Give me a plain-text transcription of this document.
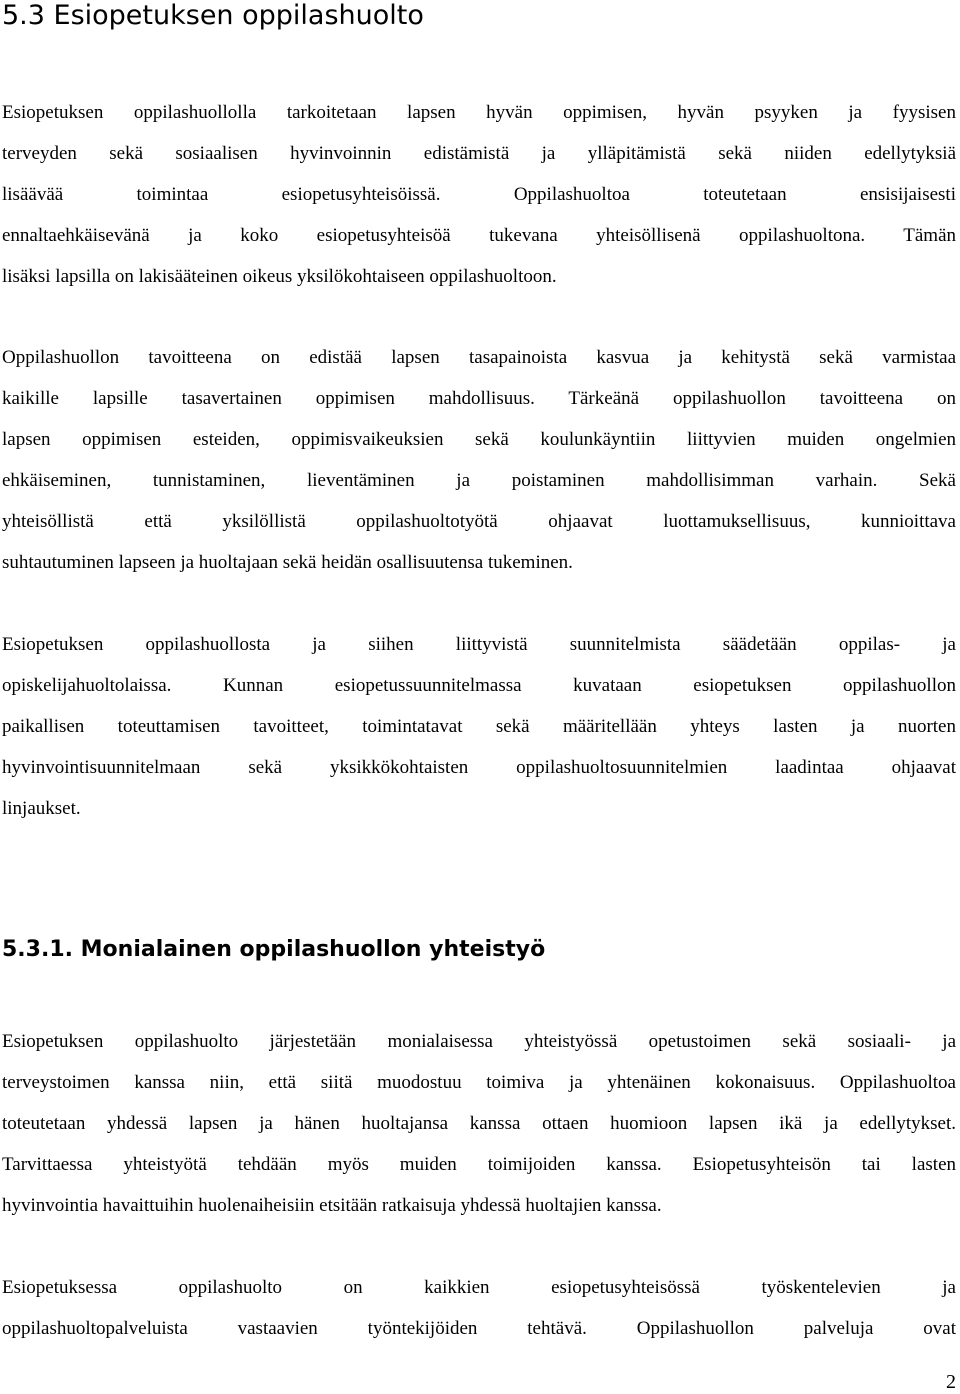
5.3 Esiopetuksen oppilashuolto
Esiopetuksen oppilashuollolla tarkoitetaan lapsen hyvän oppimisen, hyvän psyyken ja fyysisen
terveyden sekä sosiaalisen hyvinvoinnin edistämistä ja ylläpitämistä sekä niiden edellytyksiä
lisäävää toimintaa esiopetusyhteisöissä. Oppilashuoltoa toteutetaan ensisijaisesti
ennaltaehkäisevänä ja koko esiopetusyhteisöä tukevana yhteisöllisenä oppilashuoltona. Tämän
lisäksi lapsilla on lakisääteinen oikeus yksilökohtaiseen oppilashuoltoon.
Oppilashuollon tavoitteena on edistää lapsen tasapainoista kasvua ja kehitystä sekä varmistaa
kaikille lapsille tasavertainen oppimisen mahdollisuus. Tärkeänä oppilashuollon tavoitteena on
lapsen oppimisen esteiden, oppimisvaikeuksien sekä koulunkäyntiin liittyvien muiden ongelmien
ehkäiseminen, tunnistaminen, lieventäminen ja poistaminen mahdollisimman varhain. Sekä
yhteisöllistä että yksilöllistä oppilashuoltotyötä ohjaavat luottamuksellisuus, kunnioittava
suhtautuminen lapseen ja huoltajaan sekä heidän osallisuutensa tukeminen.
Esiopetuksen oppilashuollosta ja siihen liittyvistä suunnitelmista säädetään oppilas- ja
opiskelijahuoltolaissa. Kunnan esiopetussuunnitelmassa kuvataan esiopetuksen oppilashuollon
paikallisen toteuttamisen tavoitteet, toimintatavat sekä määritellään yhteys lasten ja nuorten
hyvinvointisuunnitelmaan sekä yksikkökohtaisten oppilashuoltosuunnitelmien laadintaa ohjaavat
linjaukset.
5.3.1. Monialainen oppilashuollon yhteistyö
Esiopetuksen oppilashuolto järjestetään monialaisessa yhteistyössä opetustoimen sekä sosiaali- ja
terveystoimen kanssa niin, että siitä muodostuu toimiva ja yhtenäinen kokonaisuus. Oppilashuoltoa
toteutetaan yhdessä lapsen ja hänen huoltajansa kanssa ottaen huomioon lapsen ikä ja edellytykset.
Tarvittaessa yhteistyötä tehdään myös muiden toimijoiden kanssa. Esiopetusyhteisön tai lasten
hyvinvointia havaittuihin huolenaiheisiin etsitään ratkaisuja yhdessä huoltajien kanssa.
Esiopetuksessa oppilashuolto on kaikkien esiopetusyhteisössä työskentelevien ja
oppilashuoltopalveluista vastaavien työntekijöiden tehtävä. Oppilashuollon palveluja ovat
2
